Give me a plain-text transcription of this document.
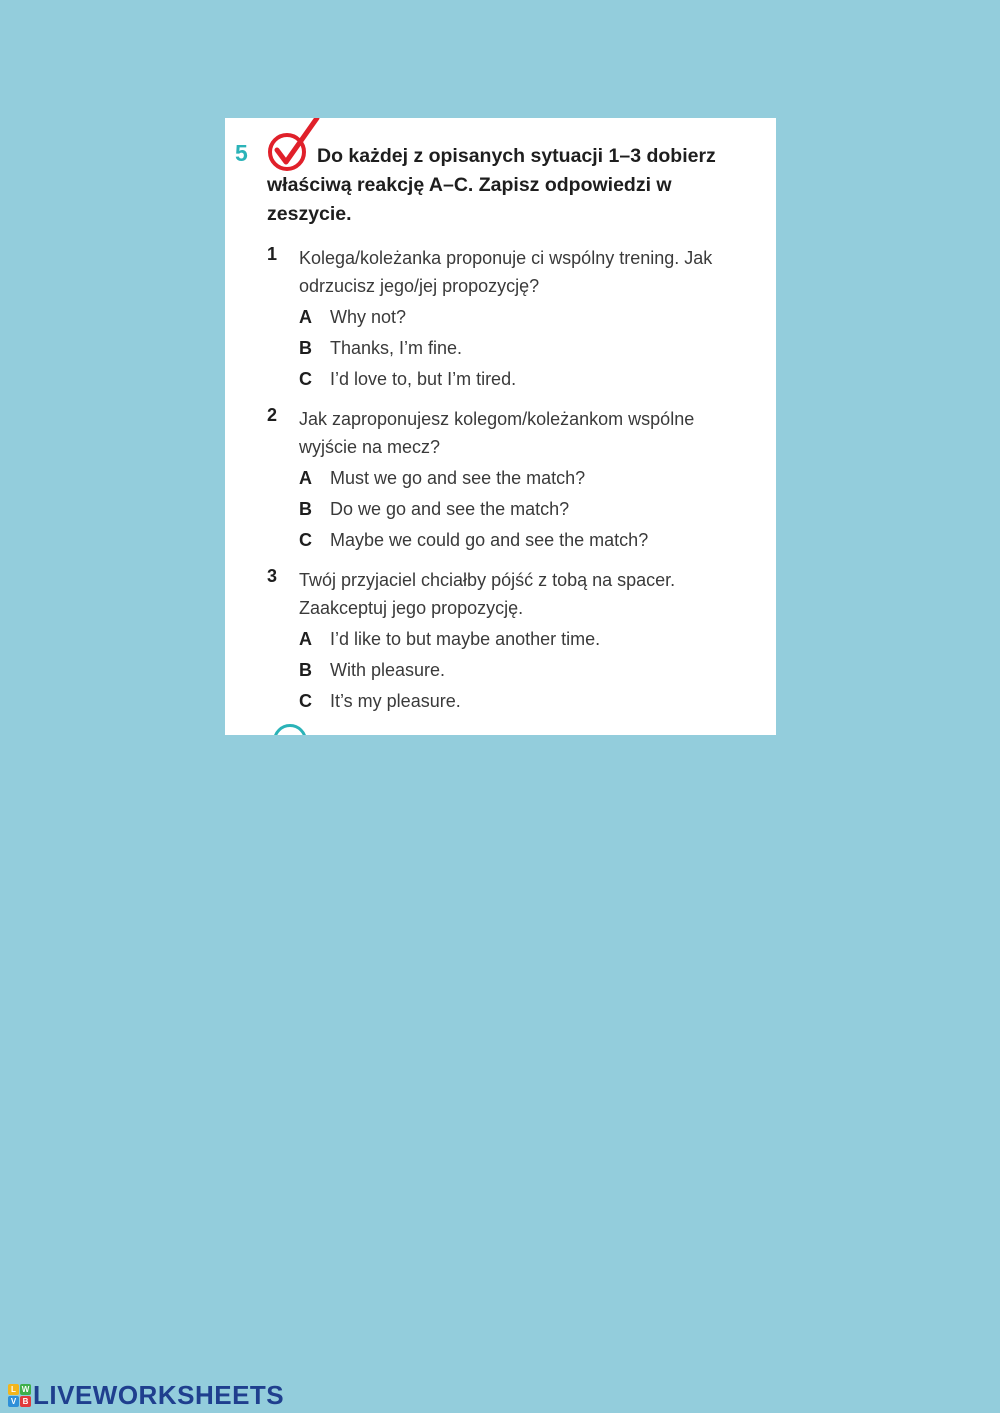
5	Do każdej z opisanych sytuacji 1–3 dobierz właściwą reakcję A–C. Zapisz odpowiedzi w zeszycie.
1 Kolega/koleżanka proponuje ci wspólny trening. Jak odrzucisz jego/jej propozycję?
A	Why not?
B	Thanks, I’m fine.
C	I’d love to, but I’m tired.
2 Jak zaproponujesz kolegom/koleżankom wspólne wyjście na mecz?
A	Must we go and see the match?
B	Do we go and see the match?
C	Maybe we could go and see the match?
3 Twój przyjaciel chciałby pójść z tobą na spacer. Zaakceptuj jego propozycję.
A	I’d like to but maybe another time.
B	With pleasure.
C	It’s my pleasure.
L W
V B LIVEWORKSHEETS
